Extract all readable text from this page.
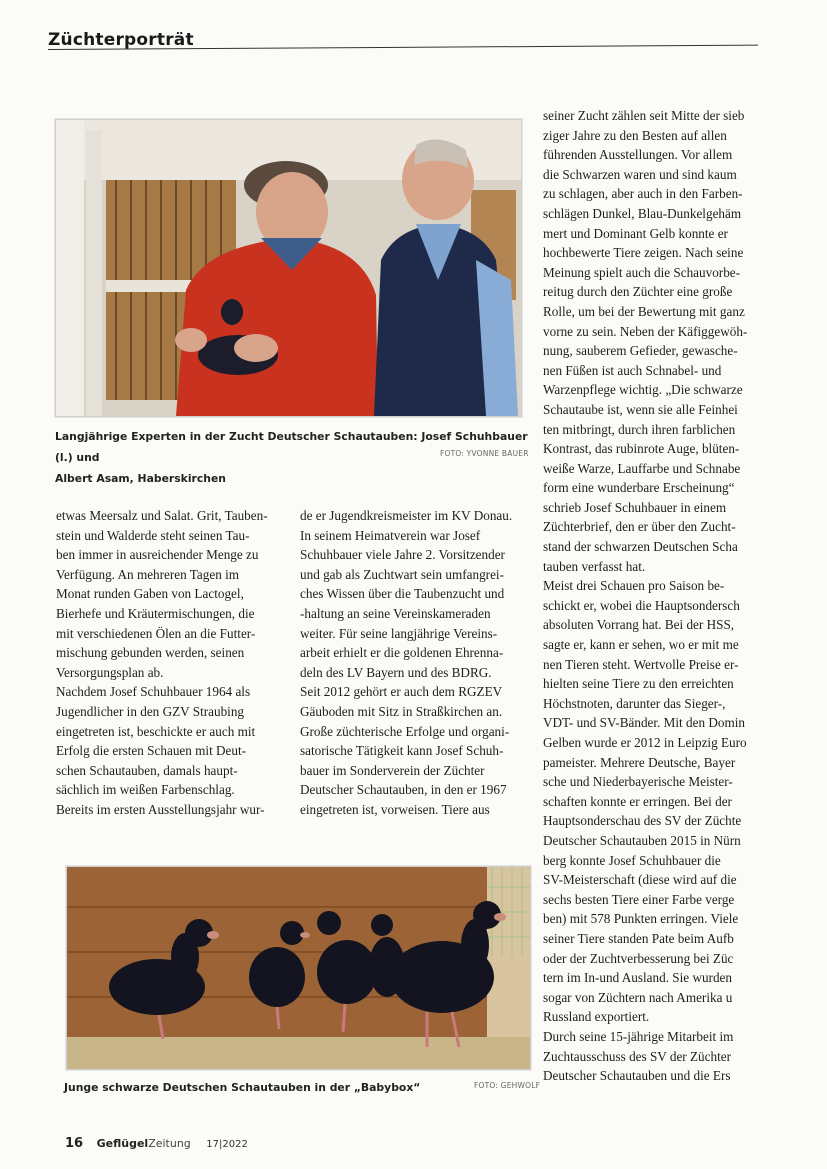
Züchterporträt
Langjährige Experten in der Zucht Deutscher Schautauben: Josef Schuhbauer (l.) und
Albert Asam, Haberskirchen
FOTO: YVONNE BAUER
etwas Meersalz und Salat. Grit, Tauben-
stein und Walderde steht seinen Tau-
ben immer in ausreichender Menge zu
Verfügung. An mehreren Tagen im
Monat runden Gaben von Lactogel,
Bierhefe und Kräutermischungen, die
mit verschiedenen Ölen an die Futter-
mischung gebunden werden, seinen
Versorgungsplan ab.
Nachdem Josef Schuhbauer 1964 als
Jugendlicher in den GZV Straubing
eingetreten ist, beschickte er auch mit
Erfolg die ersten Schauen mit Deut-
schen Schautauben, damals haupt-
sächlich im weißen Farbenschlag.
Bereits im ersten Ausstellungsjahr wur-
de er Jugendkreismeister im KV Donau.
In seinem Heimatverein war Josef
Schuhbauer viele Jahre 2. Vorsitzender
und gab als Zuchtwart sein umfangrei-
ches Wissen über die Taubenzucht und
-haltung an seine Vereinskameraden
weiter. Für seine langjährige Vereins-
arbeit erhielt er die goldenen Ehrenna-
deln des LV Bayern und des BDRG.
Seit 2012 gehört er auch dem RGZEV
Gäuboden mit Sitz in Straßkirchen an.
Große züchterische Erfolge und organi-
satorische Tätigkeit kann Josef Schuh-
bauer im Sonderverein der Züchter
Deutscher Schautauben, in den er 1967
eingetreten ist, vorweisen. Tiere aus
seiner Zucht zählen seit Mitte der sieb
ziger Jahre zu den Besten auf allen
führenden Ausstellungen. Vor allem
die Schwarzen waren und sind kaum
zu schlagen, aber auch in den Farben-
schlägen Dunkel, Blau-Dunkelgehäm
mert und Dominant Gelb konnte er
hochbewerte Tiere zeigen. Nach seine
Meinung spielt auch die Schauvorbe-
reitug durch den Züchter eine große
Rolle, um bei der Bewertung mit ganz
vorne zu sein. Neben der Käfiggewöh-
nung, sauberem Gefieder, gewasche-
nen Füßen ist auch Schnabel- und
Warzenpflege wichtig. „Die schwarze
Schautaube ist, wenn sie alle Feinhei
ten mitbringt, durch ihren farblichen
Kontrast, das rubinrote Auge, blüten-
weiße Warze, Lauffarbe und Schnabe
form eine wunderbare Erscheinung“
schrieb Josef Schuhbauer in einem
Züchterbrief, den er über den Zucht-
stand der schwarzen Deutschen Scha
tauben verfasst hat.
Meist drei Schauen pro Saison be-
schickt er, wobei die Hauptsondersch
absoluten Vorrang hat. Bei der HSS,
sagte er, kann er sehen, wo er mit me
nen Tieren steht. Wertvolle Preise er-
hielten seine Tiere zu den erreichten
Höchstnoten, darunter das Sieger-,
VDT- und SV-Bänder. Mit den Domin
Gelben wurde er 2012 in Leipzig Euro
pameister. Mehrere Deutsche, Bayer
sche und Niederbayerische Meister-
schaften konnte er erringen. Bei der
Hauptsonderschau des SV der Züchte
Deutscher Schautauben 2015 in Nürn
berg konnte Josef Schuhbauer die
SV-Meisterschaft (diese wird auf die
sechs besten Tiere einer Farbe verge
ben) mit 578 Punkten erringen. Viele
seiner Tiere standen Pate beim Aufb
oder der Zuchtverbesserung bei Züc
tern im In-und Ausland. Sie wurden
sogar von Züchtern nach Amerika u
Russland exportiert.
Durch seine 15-jährige Mitarbeit im
Zuchtausschuss des SV der Züchter
Deutscher Schautauben und die Ers
Junge schwarze Deutschen Schautauben in der „Babybox“	FOTO: GEHWOLF
16 GeflügelZeitung 17|2022
